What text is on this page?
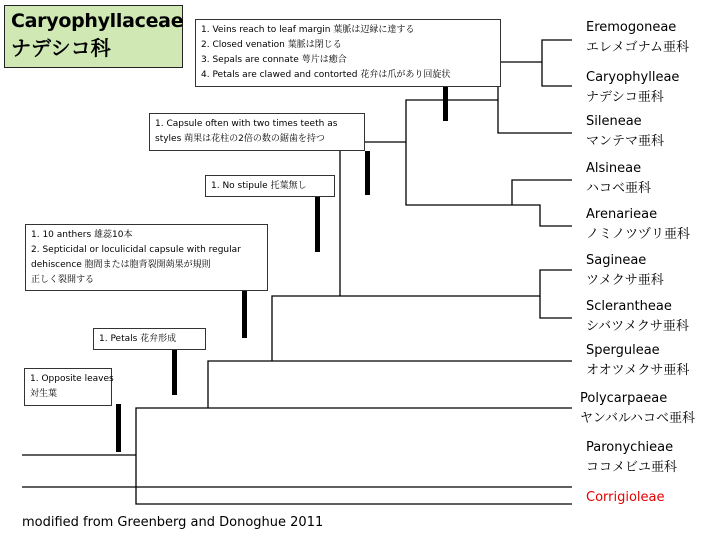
Caryophyllaceae
ナデシコ科
1. Opposite leaves
対生葉
1. Petals 花弁形成
1. 10 anthers 雄蕊10本
2. Septicidal or loculicidal capsule with regular
dehiscence 胞間または胞背裂開蒴果が規則
正しく裂開する
1. No stipule 托葉無し
1. Capsule often with two times teeth as
styles 蒴果は花柱の2倍の数の鋸歯を持つ
1. Veins reach to leaf margin 葉脈は辺縁に達する
2. Closed venation 葉脈は閉じる
3. Sepals are connate 萼片は癒合
4. Petals are clawed and contorted 花弁は爪があり回旋状
Eremogoneae
エレメゴナム亜科
Caryophylleae
ナデシコ亜科
Sileneae
マンテマ亜科
Alsineae
ハコベ亜科
Arenarieae
ノミノツヅリ亜科
Sagineae
ツメクサ亜科
Scleranthеae
シバツメクサ亜科
Sperguleae
オオツメクサ亜科
Polycarpaeae
ヤンバルハコベ亜科
Paronychieae
ココメビユ亜科
Corrigioleae
modified from Greenberg and Donoghue 2011
